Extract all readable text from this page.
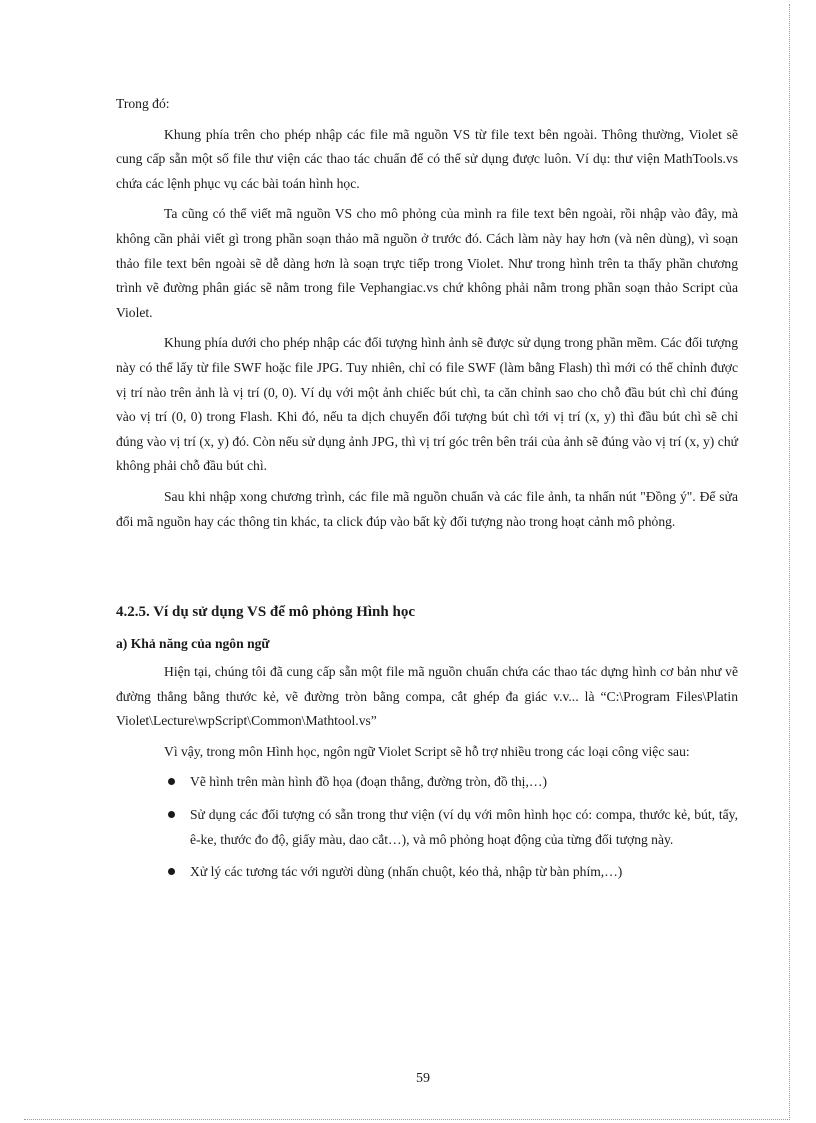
Trong đó:

Khung phía trên cho phép nhập các file mã nguồn VS từ file text bên ngoài. Thông thường, Violet sẽ cung cấp sẵn một số file thư viện các thao tác chuẩn để có thể sử dụng được luôn. Ví dụ: thư viện MathTools.vs chứa các lệnh phục vụ các bài toán hình học.

Ta cũng có thể viết mã nguồn VS cho mô phỏng của mình ra file text bên ngoài, rồi nhập vào đây, mà không cần phải viết gì trong phần soạn thảo mã nguồn ở trước đó. Cách làm này hay hơn (và nên dùng), vì soạn thảo file text bên ngoài sẽ dễ dàng hơn là soạn trực tiếp trong Violet. Như trong hình trên ta thấy phần chương trình vẽ đường phân giác sẽ nằm trong file Vephangiac.vs chứ không phải nằm trong phần soạn thảo Script của Violet.

Khung phía dưới cho phép nhập các đối tượng hình ảnh sẽ được sử dụng trong phần mềm. Các đối tượng này có thể lấy từ file SWF hoặc file JPG. Tuy nhiên, chỉ có file SWF (làm bằng Flash) thì mới có thể chỉnh được vị trí nào trên ảnh là vị trí (0, 0). Ví dụ với một ảnh chiếc bút chì, ta căn chỉnh sao cho chỗ đầu bút chì chỉ đúng vào vị trí (0, 0) trong Flash. Khi đó, nếu ta dịch chuyển đối tượng bút chì tới vị trí (x, y) thì đầu bút chì sẽ chỉ đúng vào vị trí (x, y) đó. Còn nếu sử dụng ảnh JPG, thì vị trí góc trên bên trái của ảnh sẽ đúng vào vị trí (x, y) chứ không phải chỗ đầu bút chì.

Sau khi nhập xong chương trình, các file mã nguồn chuẩn và các file ảnh, ta nhấn nút "Đồng ý". Để sửa đổi mã nguồn hay các thông tin khác, ta click đúp vào bất kỳ đối tượng nào trong hoạt cảnh mô phỏng.

4.2.5. Ví dụ sử dụng VS để mô phỏng Hình học
a) Khả năng của ngôn ngữ

Hiện tại, chúng tôi đã cung cấp sẵn một file mã nguồn chuẩn chứa các thao tác dựng hình cơ bản như vẽ đường thẳng bằng thước kẻ, vẽ đường tròn bằng compa, cắt ghép đa giác v.v... là “C:\Program Files\Platin Violet\Lecture\wpScript\Common\Mathtool.vs”

Vì vậy, trong môn Hình học, ngôn ngữ Violet Script sẽ hỗ trợ nhiều trong các loại công việc sau:

Vẽ hình trên màn hình đồ họa (đoạn thẳng, đường tròn, đồ thị,…)
Sử dụng các đối tượng có sẵn trong thư viện (ví dụ với môn hình học có: compa, thước kẻ, bút, tẩy, ê-ke, thước đo độ, giấy màu, dao cắt…), và mô phỏng hoạt động của từng đối tượng này.
Xử lý các tương tác với người dùng (nhấn chuột, kéo thả, nhập từ bàn phím,…)
59
